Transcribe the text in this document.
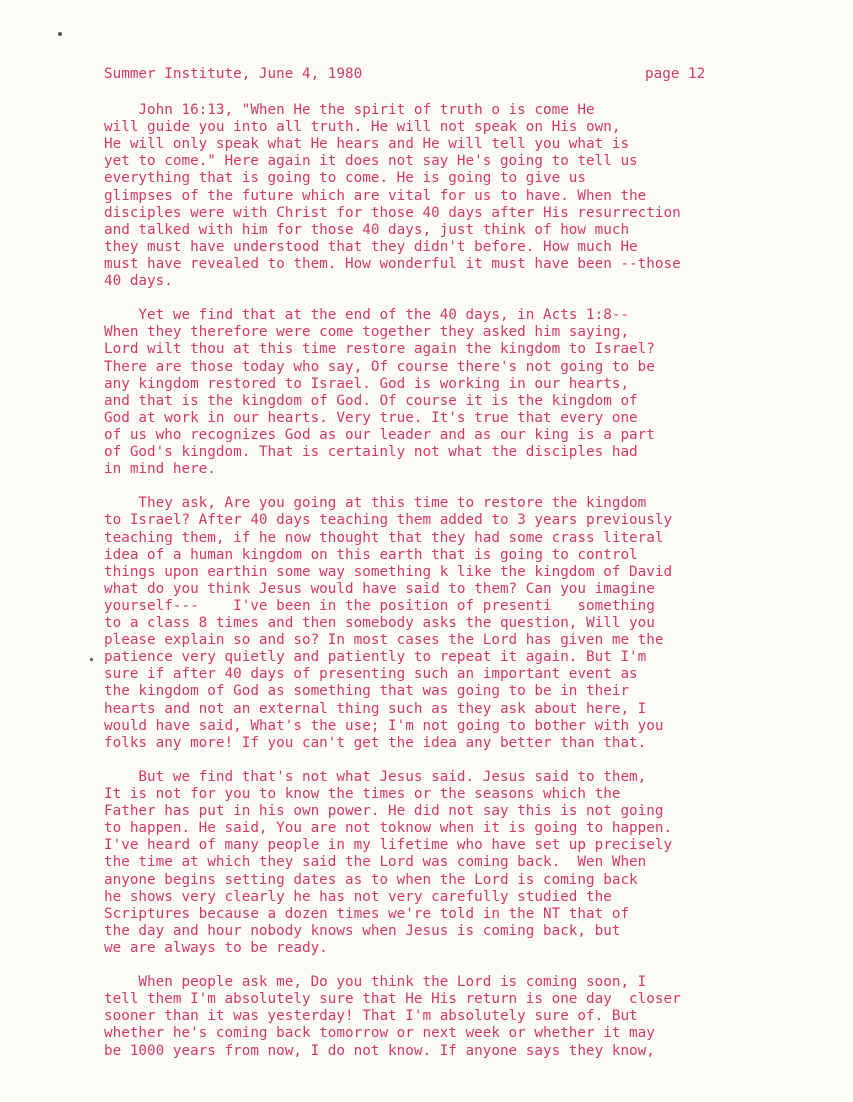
Summer Institute, June 4, 1980	page 12
John 16:13, "When He the spirit of truth o is come He
will guide you into all truth. He will not speak on His own,
He will only speak what He hears and He will tell you what is
yet to come." Here again it does not say He's going to tell us
everything that is going to come. He is going to give us
glimpses of the future which are vital for us to have. When the
disciples were with Christ for those 40 days after His resurrection
and talked with him for those 40 days, just think of how much
they must have understood that they didn't before. How much He
must have revealed to them. How wonderful it must have been --those
40 days.
Yet we find that at the end of the 40 days, in Acts 1:8--
When they therefore were come together they asked him saying,
Lord wilt thou at this time restore again the kingdom to Israel?
There are those today who say, Of course there's not going to be
any kingdom restored to Israel. God is working in our hearts,
and that is the kingdom of God. Of course it is the kingdom of
God at work in our hearts. Very true. It's true that every one
of us who recognizes God as our leader and as our king is a part
of God's kingdom. That is certainly not what the disciples had
in mind here.
They ask, Are you going at this time to restore the kingdom
to Israel? After 40 days teaching them added to 3 years previously
teaching them, if he now thought that they had some crass literal
idea of a human kingdom on this earth that is going to control
things upon earthin some way something k like the kingdom of David
what do you think Jesus would have said to them? Can you imagine
yourself---    I've been in the position of presenti   something
to a class 8 times and then somebody asks the question, Will you
please explain so and so? In most cases the Lord has given me the
patience very quietly and patiently to repeat it again. But I'm
sure if after 40 days of presenting such an important event as
the kingdom of God as something that was going to be in their
hearts and not an external thing such as they ask about here, I
would have said, What's the use; I'm not going to bother with you
folks any more! If you can't get the idea any better than that.
But we find that's not what Jesus said. Jesus said to them,
It is not for you to know the times or the seasons which the
Father has put in his own power. He did not say this is not going
to happen. He said, You are not toknow when it is going to happen.
I've heard of many people in my lifetime who have set up precisely
the time at which they said the Lord was coming back.  Wen When
anyone begins setting dates as to when the Lord is coming back
he shows very clearly he has not very carefully studied the
Scriptures because a dozen times we're told in the NT that of
the day and hour nobody knows when Jesus is coming back, but
we are always to be ready.
When people ask me, Do you think the Lord is coming soon, I
tell them I'm absolutely sure that He His return is one day  closer
sooner than it was yesterday! That I'm absolutely sure of. But
whether he's coming back tomorrow or next week or whether it may
be 1000 years from now, I do not know. If anyone says they know,
